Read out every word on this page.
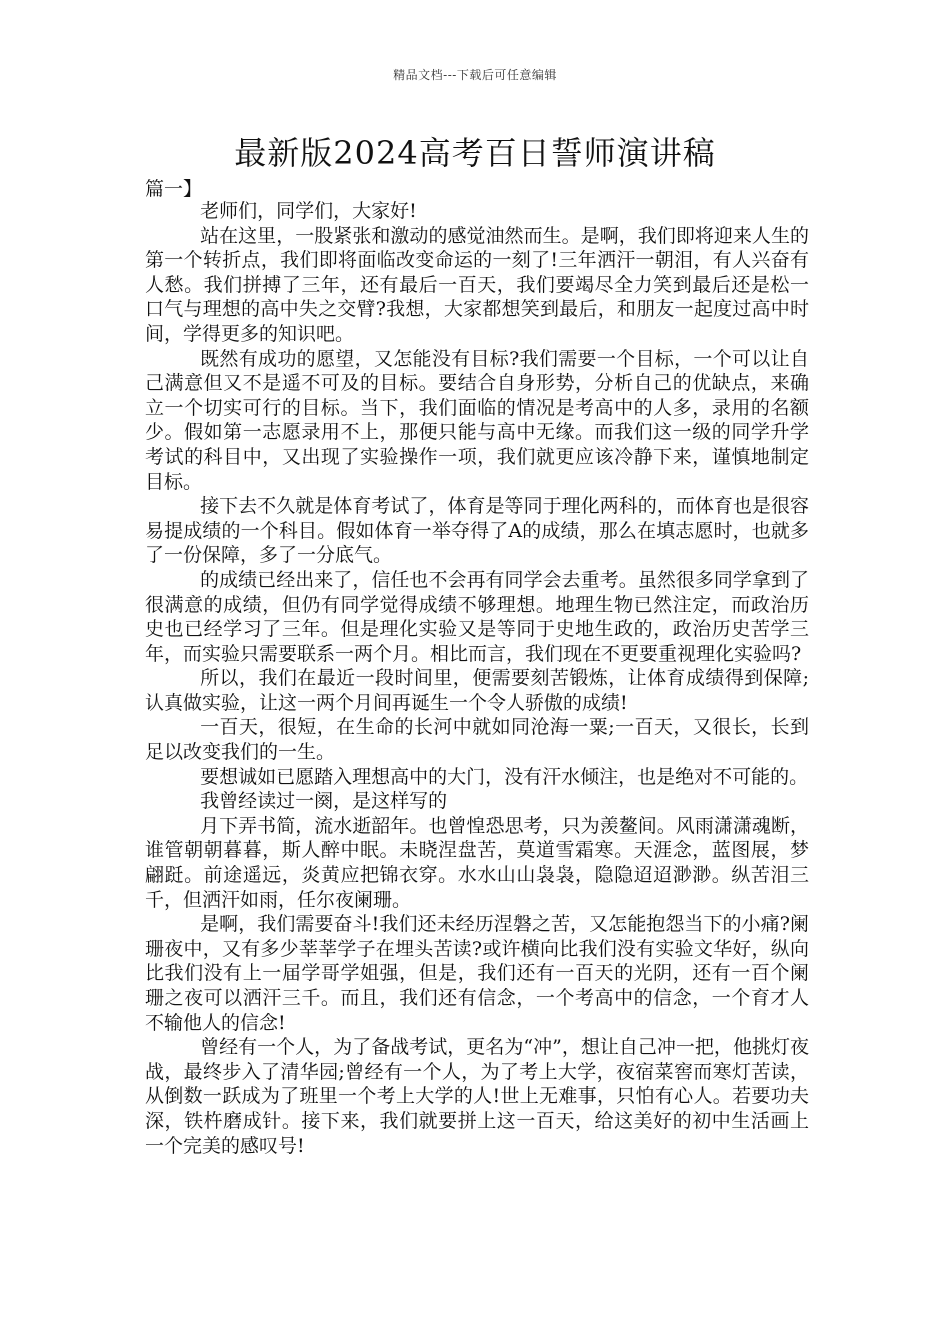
精品文档---下载后可任意编辑
最新版2024高考百日誓师演讲稿
篇一】

老师们，同学们，大家好!

站在这里，一股紧张和激动的感觉油然而生。是啊，我们即将迎来人生的第一个转折点，我们即将面临改变命运的一刻了!三年洒汗一朝泪，有人兴奋有人愁。我们拼搏了三年，还有最后一百天，我们要竭尽全力笑到最后还是松一口气与理想的高中失之交臂?我想，大家都想笑到最后，和朋友一起度过高中时间，学得更多的知识吧。

既然有成功的愿望，又怎能没有目标?我们需要一个目标，一个可以让自己满意但又不是遥不可及的目标。要结合自身形势，分析自己的优缺点，来确立一个切实可行的目标。当下，我们面临的情况是考高中的人多，录用的名额少。假如第一志愿录用不上，那便只能与高中无缘。而我们这一级的同学升学考试的科目中，又出现了实验操作一项，我们就更应该冷静下来，谨慎地制定目标。

接下去不久就是体育考试了，体育是等同于理化两科的，而体育也是很容易提成绩的一个科目。假如体育一举夺得了A的成绩，那么在填志愿时，也就多了一份保障，多了一分底气。

的成绩已经出来了，信任也不会再有同学会去重考。虽然很多同学拿到了很满意的成绩，但仍有同学觉得成绩不够理想。地理生物已然注定，而政治历史也已经学习了三年。但是理化实验又是等同于史地生政的，政治历史苦学三年，而实验只需要联系一两个月。相比而言，我们现在不更要重视理化实验吗?

所以，我们在最近一段时间里，便需要刻苦锻炼，让体育成绩得到保障;认真做实验，让这一两个月间再诞生一个令人骄傲的成绩!

一百天，很短，在生命的长河中就如同沧海一粟;一百天，又很长，长到足以改变我们的一生。

要想诚如已愿踏入理想高中的大门，没有汗水倾注，也是绝对不可能的。

我曾经读过一阕，是这样写的

月下弄书简，流水逝韶年。也曾惶恐思考，只为羡鳌间。风雨潇潇魂断，谁管朝朝暮暮，斯人醉中眠。未晓涅盘苦，莫道雪霜寒。天涯念，蓝图展，梦翩跹。前途遥远，炎黄应把锦衣穿。水水山山袅袅，隐隐迢迢渺渺。纵苦泪三千，但洒汗如雨，任尔夜阑珊。

是啊，我们需要奋斗!我们还未经历涅磐之苦，又怎能抱怨当下的小痛?阑珊夜中，又有多少莘莘学子在埋头苦读?或许横向比我们没有实验文华好，纵向比我们没有上一届学哥学姐强，但是，我们还有一百天的光阴，还有一百个阑珊之夜可以洒汗三千。而且，我们还有信念，一个考高中的信念，一个育才人不输他人的信念!

曾经有一个人，为了备战考试，更名为“冲”，想让自己冲一把，他挑灯夜战，最终步入了清华园;曾经有一个人，为了考上大学，夜宿菜窖而寒灯苦读，从倒数一跃成为了班里一个考上大学的人!世上无难事，只怕有心人。若要功夫深，铁杵磨成针。接下来，我们就要拼上这一百天，给这美好的初中生活画上一个完美的感叹号!
